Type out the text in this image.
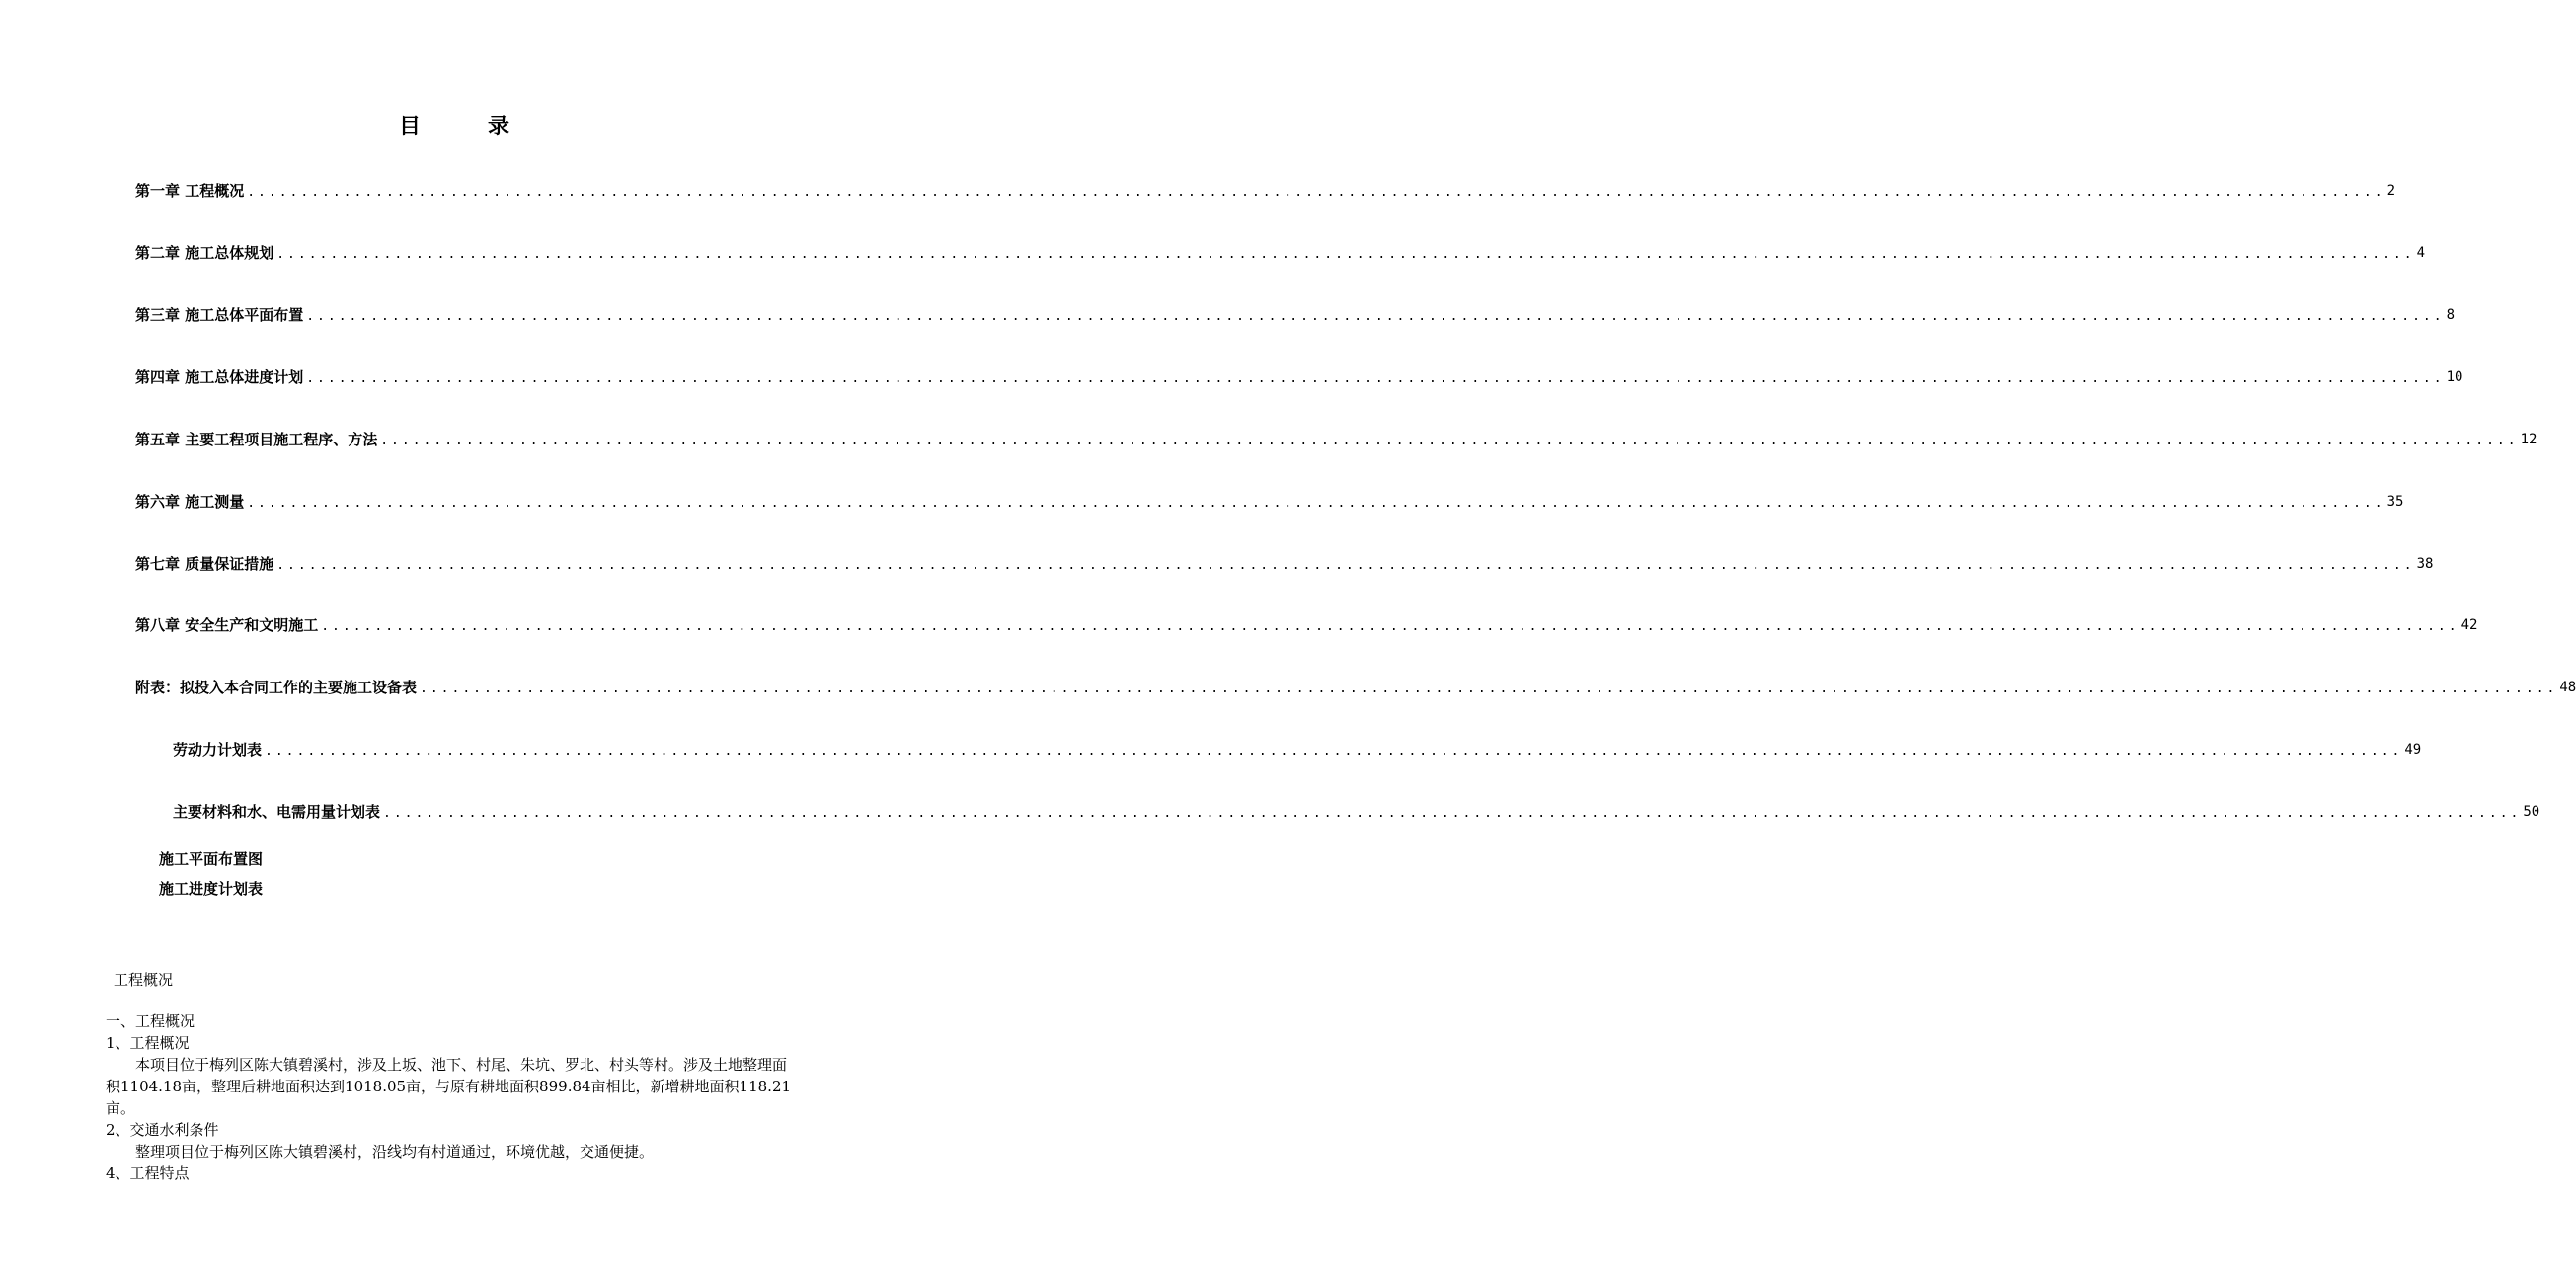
目录
第一章 工程概况 ........................................................................................................................................................................................................ 2
第二章 施工总体规划 ........................................................................................................................................................................................................ 4
第三章 施工总体平面布置 ........................................................................................................................................................................................................ 8
第四章 施工总体进度计划 ........................................................................................................................................................................................................ 10
第五章 主要工程项目施工程序、方法 ........................................................................................................................................................................................................ 12
第六章 施工测量 ........................................................................................................................................................................................................ 35
第七章 质量保证措施 ........................................................................................................................................................................................................ 38
第八章 安全生产和文明施工 ........................................................................................................................................................................................................ 42
附表：拟投入本合同工作的主要施工设备表 ........................................................................................................................................................................................................ 48
劳动力计划表 ........................................................................................................................................................................................................ 49
主要材料和水、电需用量计划表 ........................................................................................................................................................................................................ 50
施工平面布置图
施工进度计划表
工程概况
一、工程概况
1、工程概况
本项目位于梅列区陈大镇碧溪村，涉及上坂、池下、村尾、朱坑、罗北、村头等村。涉及土地整理面积1104.18亩，整理后耕地面积达到1018.05亩，与原有耕地面积899.84亩相比，新增耕地面积118.21亩。
2、交通水利条件
整理项目位于梅列区陈大镇碧溪村，沿线均有村道通过，环境优越，交通便捷。
4、工程特点
